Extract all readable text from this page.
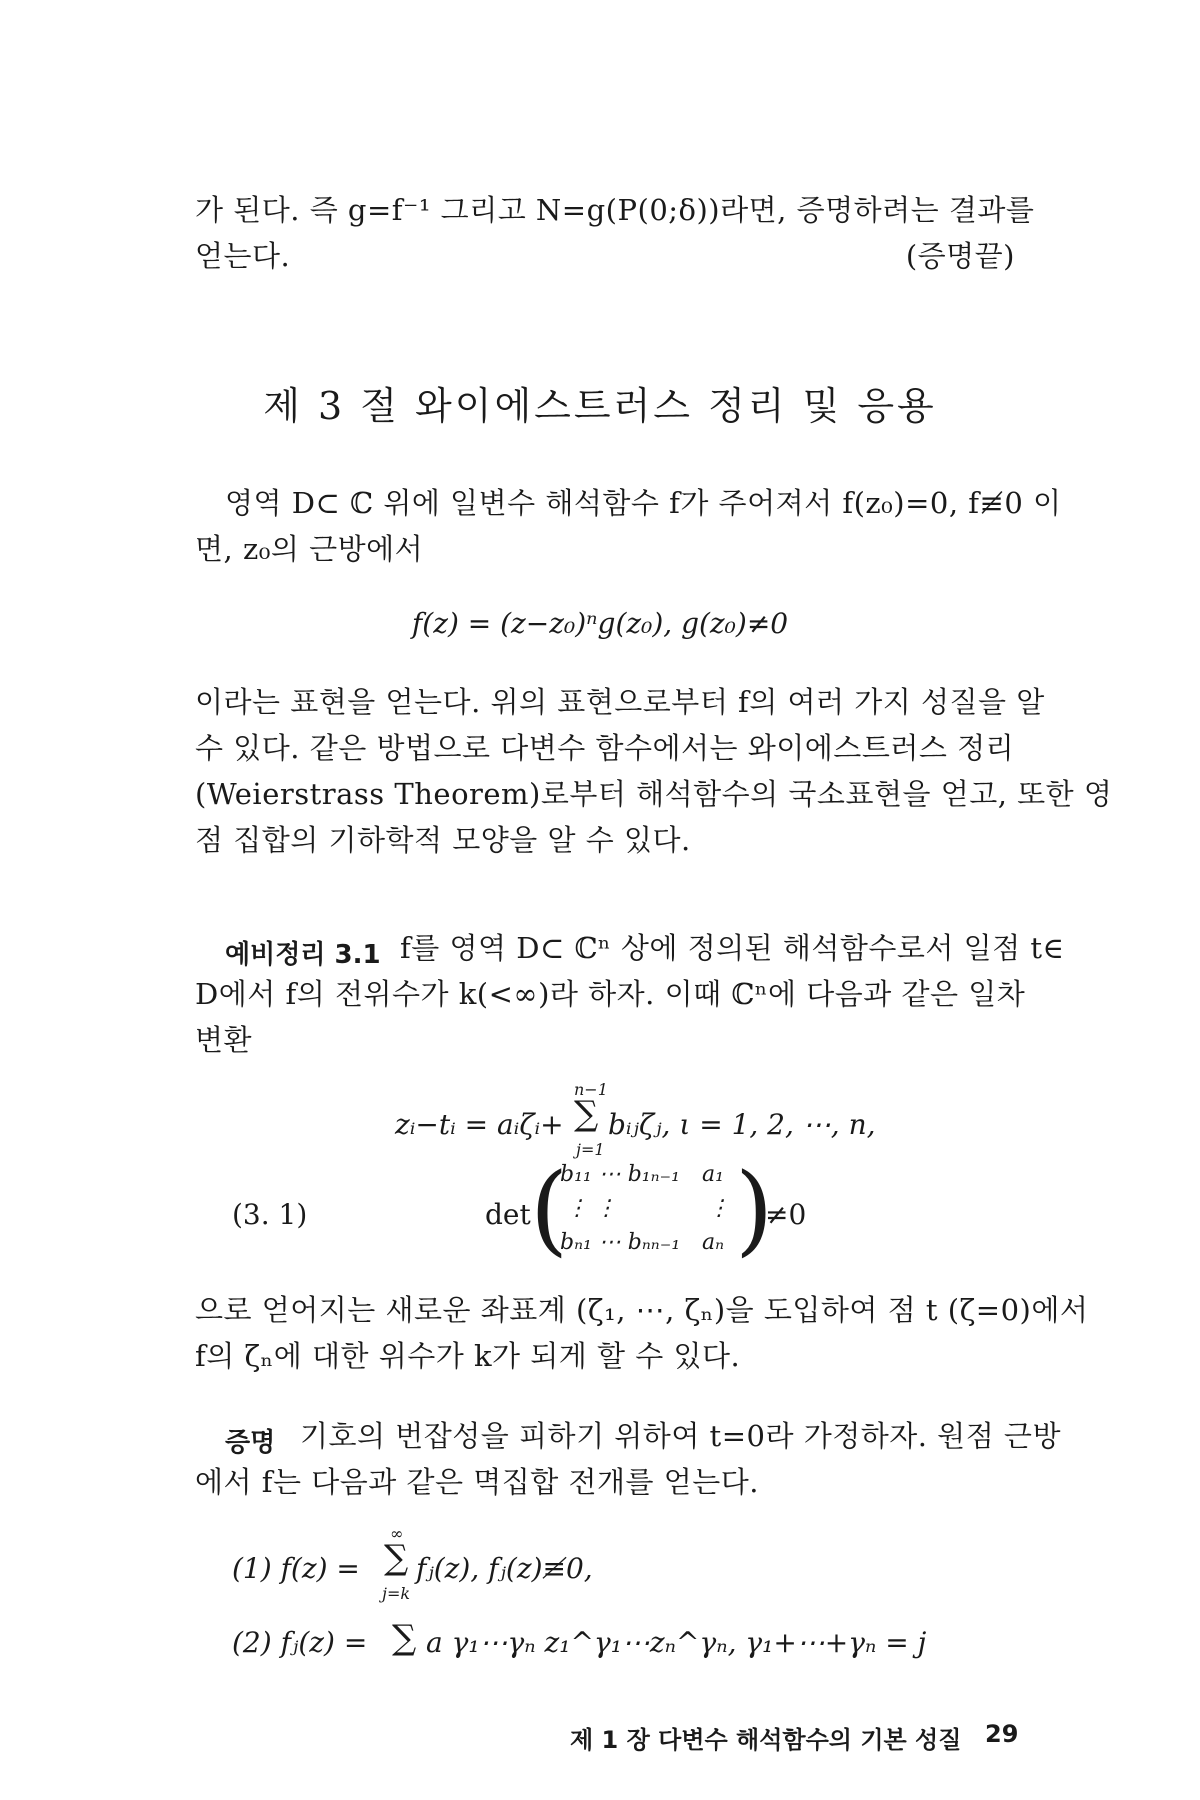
가 된다. 즉 g=f⁻¹ 그리고 N=g(P(0;δ))라면, 증명하려는 결과를
얻는다.	(증명끝)
제 3 절 와이에스트러스 정리 및 응용
영역 D⊂ ℂ 위에 일변수 해석함수 f가 주어져서 f(z₀)=0, f≢0 이
면, z₀의 근방에서
f(z) = (z−z₀)ⁿg(z₀), g(z₀)≠0
이라는 표현을 얻는다. 위의 표현으로부터 f의 여러 가지 성질을 알
수 있다. 같은 방법으로 다변수 함수에서는 와이에스트러스 정리
(Weierstrass Theorem)로부터 해석함수의 국소표현을 얻고, 또한 영
점 집합의 기하학적 모양을 알 수 있다.
예비정리 3.1 f를 영역 D⊂ ℂⁿ 상에 정의된 해석함수로서 일점 t∈
D에서 f의 전위수가 k(<∞)라 하자. 이때 ℂⁿ에 다음과 같은 일차
변환
zᵢ−tᵢ = aᵢζᵢ+
n−1
∑
j=1
bᵢⱼζⱼ, ι = 1, 2, ⋯, n,
(3. 1)	det (
b₁₁ ⋯ b₁ₙ₋₁ a₁
⋮ ⋮	⋮
bₙ₁ ⋯ bₙₙ₋₁ aₙ )
≠0
으로 얻어지는 새로운 좌표계 (ζ₁, ⋯, ζₙ)을 도입하여 점 t (ζ=0)에서
f의 ζₙ에 대한 위수가 k가 되게 할 수 있다.
증명 기호의 번잡성을 피하기 위하여 t=0라 가정하자. 원점 근방
에서 f는 다음과 같은 멱집합 전개를 얻는다.
(1) f(z) =
∞
∑
j=k
fⱼ(z), fⱼ(z)≢0,
(2) fⱼ(z) = ∑ a γ₁⋯γₙ z₁^γ₁⋯zₙ^γₙ, γ₁+⋯+γₙ = j
제 1 장 다변수 해석함수의 기본 성질 29
